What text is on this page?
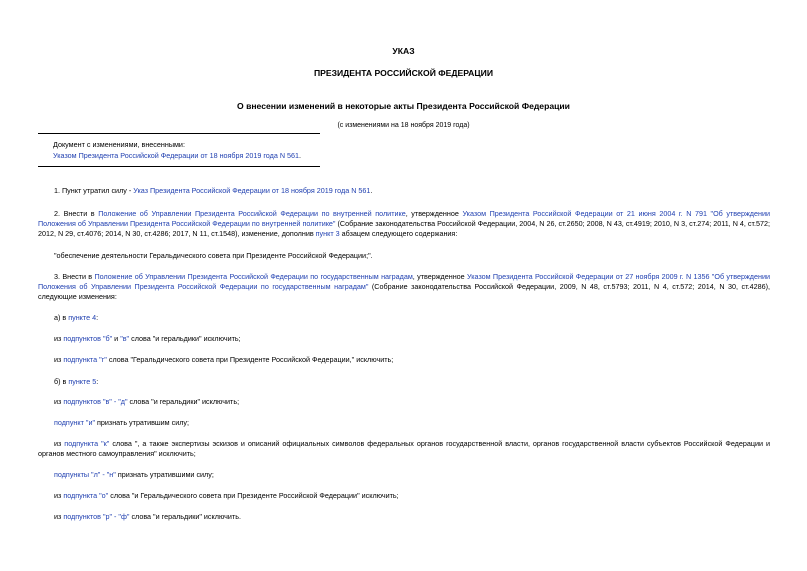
УКАЗ
ПРЕЗИДЕНТА РОССИЙСКОЙ ФЕДЕРАЦИИ
О внесении изменений в некоторые акты Президента Российской Федерации
(с изменениями на 18 ноября 2019 года)
Документ с изменениями, внесенными:
Указом Президента Российской Федерации от 18 ноября 2019 года N 561.
1. Пункт утратил силу - Указ Президента Российской Федерации от 18 ноября 2019 года N 561.
2. Внести в Положение об Управлении Президента Российской Федерации по внутренней политике, утвержденное Указом Президента Российской Федерации от 21 июня 2004 г. N 791 "Об утверждении Положения об Управлении Президента Российской Федерации по внутренней политике" (Собрание законодательства Российской Федерации, 2004, N 26, ст.2650; 2008, N 43, ст.4919; 2010, N 3, ст.274; 2011, N 4, ст.572; 2012, N 29, ст.4076; 2014, N 30, ст.4286; 2017, N 11, ст.1548), изменение, дополнив пункт 3 абзацем следующего содержания:
"обеспечение деятельности Геральдического совета при Президенте Российской Федерации;".
3. Внести в Положение об Управлении Президента Российской Федерации по государственным наградам, утвержденное Указом Президента Российской Федерации от 27 ноября 2009 г. N 1356 "Об утверждении Положения об Управлении Президента Российской Федерации по государственным наградам" (Собрание законодательства Российской Федерации, 2009, N 48, ст.5793; 2011, N 4, ст.572; 2014, N 30, ст.4286), следующие изменения:
а) в пункте 4:
из подпунктов "б" и "в" слова "и геральдики" исключить;
из подпункта "г" слова "Геральдического совета при Президенте Российской Федерации," исключить;
б) в пункте 5:
из подпунктов "в" - "д" слова "и геральдики" исключить;
подпункт "и" признать утратившим силу;
из подпункта "к" слова ", а также экспертизы эскизов и описаний официальных символов федеральных органов государственной власти, органов государственной власти субъектов Российской Федерации и органов местного самоуправления" исключить;
подпункты "л" - "н" признать утратившими силу;
из подпункта "о" слова "и Геральдического совета при Президенте Российской Федерации" исключить;
из подпунктов "р" - "ф" слова "и геральдики" исключить.
